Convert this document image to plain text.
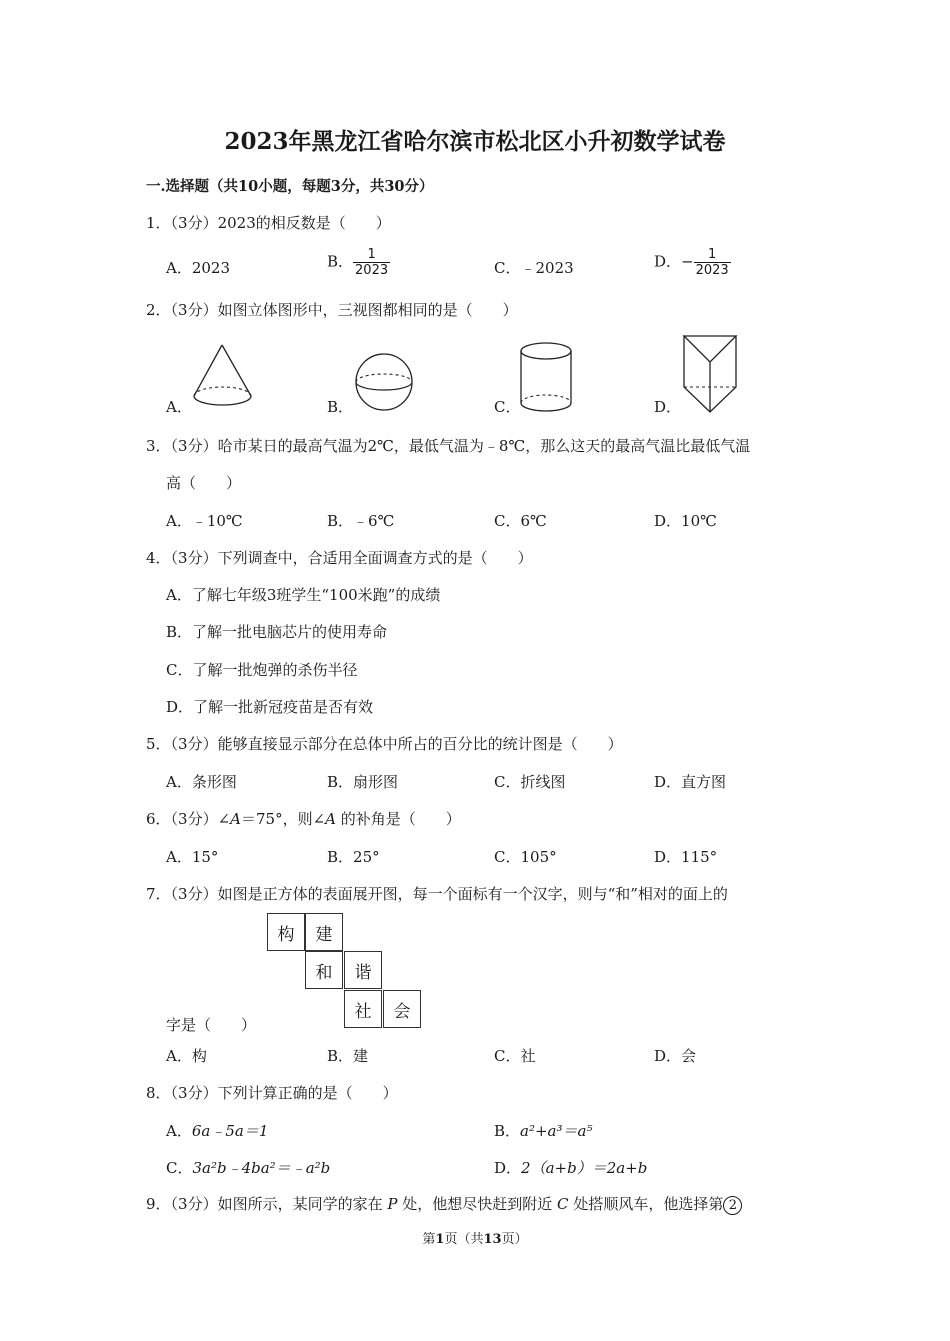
2023年黑龙江省哈尔滨市松北区小升初数学试卷
一.选择题（共10小题，每题3分，共30分）
1．（3分）2023的相反数是（　　）
A．2023	B． $\frac{1}{2023}$	C．﹣2023	D．− $\frac{1}{2023}$
2．（3分）如图立体图形中，三视图都相同的是（　　）
A．	B．	C．	D．
3．（3分）哈市某日的最高气温为2℃，最低气温为﹣8℃，那么这天的最高气温比最低气温
高（　　）
A．﹣10℃	B．﹣6℃	C．6℃	D．10℃
4．（3分）下列调查中，合适用全面调查方式的是（　　）
A．了解七年级3班学生“100米跑”的成绩
B．了解一批电脑芯片的使用寿命
C．了解一批炮弹的杀伤半径
D．了解一批新冠疫苗是否有效
5．（3分）能够直接显示部分在总体中所占的百分比的统计图是（　　）
A．条形图	B．扇形图	C．折线图	D．直方图
6．（3分）∠A＝75°，则∠A 的补角是（　　）
A．15°	B．25°	C．105°	D．115°
7．（3分）如图是正方体的表面展开图，每一个面标有一个汉字，则与“和”相对的面上的
构	建
和	谐
社	会
字是（　　）
A．构	B．建	C．社	D．会
8．（3分）下列计算正确的是（　　）
A．6a﹣5a＝1	B．a²+a³＝a⁵
C．3a²b﹣4ba²＝﹣a²b	D．2（a+b）＝2a+b
9．（3分）如图所示，某同学的家在 P 处，他想尽快赶到附近 C 处搭顺风车，他选择第 2
第1页（共13页）
